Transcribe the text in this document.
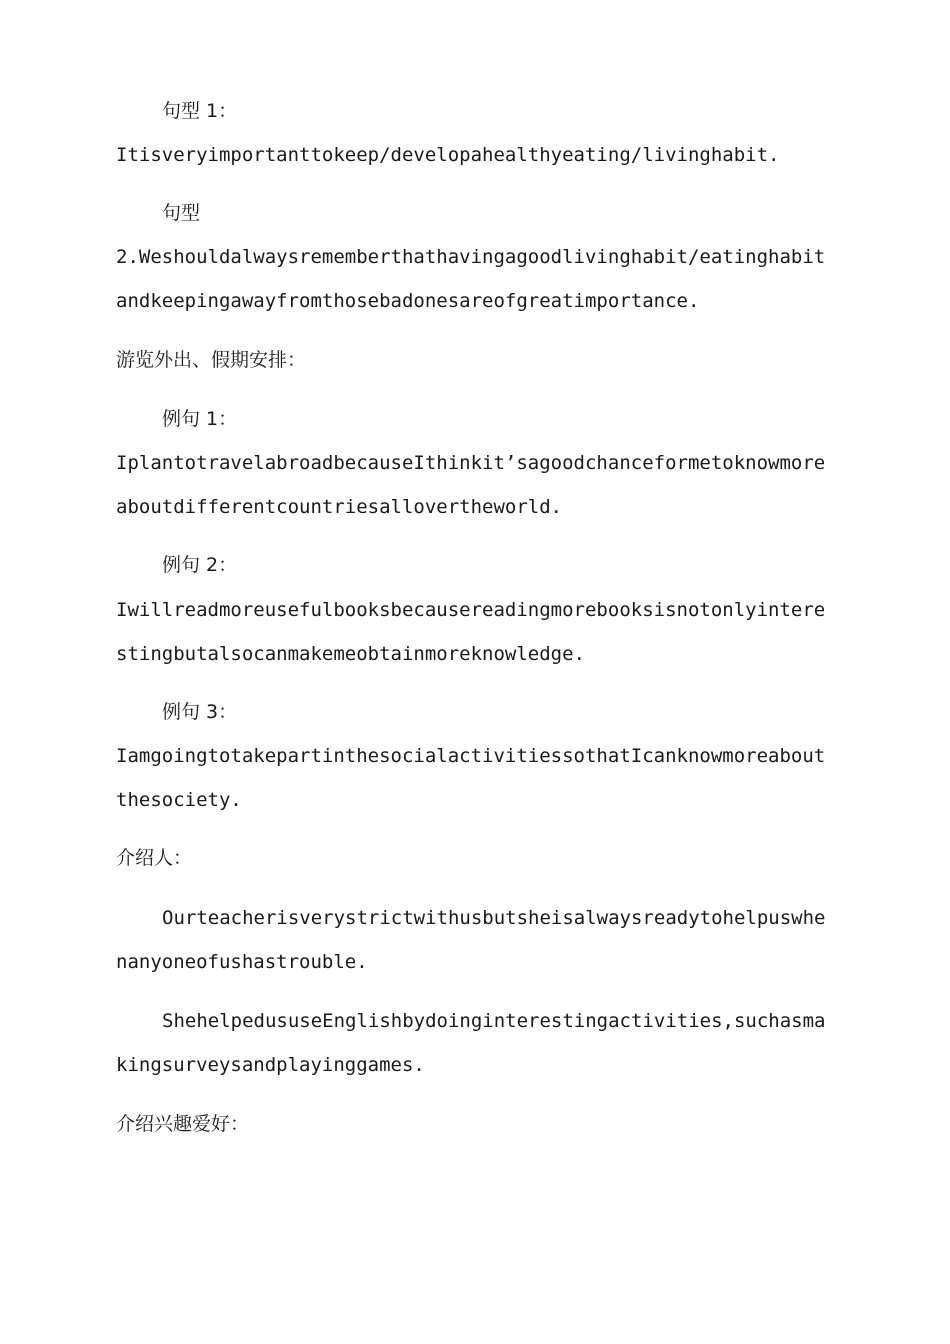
句型 1：
Itisveryimportanttokeep/developahealthyeating/livinghabit.
句型
2.Weshouldalwaysrememberthathavingagoodlivinghabit/eatinghabitandkeepingawayfromthosebadonesareofgreatimportance.
游览外出、假期安排：
例句 1：
IplantotravelabroadbecauseIthinkit’sagoodchanceformetoknowmoreaboutdifferentcountriesallovertheworld.
例句 2：
Iwillreadmoreusefulbooksbecausereadingmorebooksisnotonlyinterestingbutalsocanmakemeobtainmoreknowledge.
例句 3：
IamgoingtotakepartinthesocialactivitiessothatIcanknowmoreaboutthesociety.
介绍人：
Ourteacherisverystrictwithusbutsheisalwaysreadytohelpuswhenanyoneofushastrouble.
ShehelpedususeEnglishbydoinginterestingactivities,suchasmakingsurveysandplayinggames.
介绍兴趣爱好：
